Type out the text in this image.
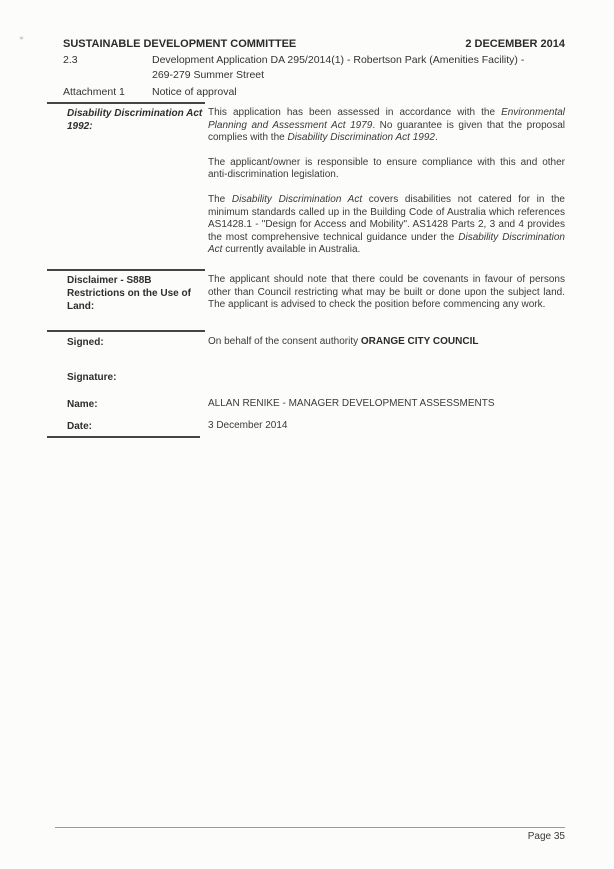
SUSTAINABLE DEVELOPMENT COMMITTEE	2 DECEMBER 2014
2.3	Development Application DA 295/2014(1) - Robertson Park (Amenities Facility) -
269-279 Summer Street
Attachment 1	Notice of approval
Disability Discrimination Act 1992:

This application has been assessed in accordance with the Environmental Planning and Assessment Act 1979. No guarantee is given that the proposal complies with the Disability Discrimination Act 1992.

The applicant/owner is responsible to ensure compliance with this and other anti-discrimination legislation.

The Disability Discrimination Act covers disabilities not catered for in the minimum standards called up in the Building Code of Australia which references AS1428.1 - "Design for Access and Mobility". AS1428 Parts 2, 3 and 4 provides the most comprehensive technical guidance under the Disability Discrimination Act currently available in Australia.

Disclaimer - S88B Restrictions on the Use of Land:

The applicant should note that there could be covenants in favour of persons other than Council restricting what may be built or done upon the subject land. The applicant is advised to check the position before commencing any work.

Signed:	On behalf of the consent authority ORANGE CITY COUNCIL

Signature:
Name:	ALLAN RENIKE - MANAGER DEVELOPMENT ASSESSMENTS
Date:	3 December 2014
Page 35
